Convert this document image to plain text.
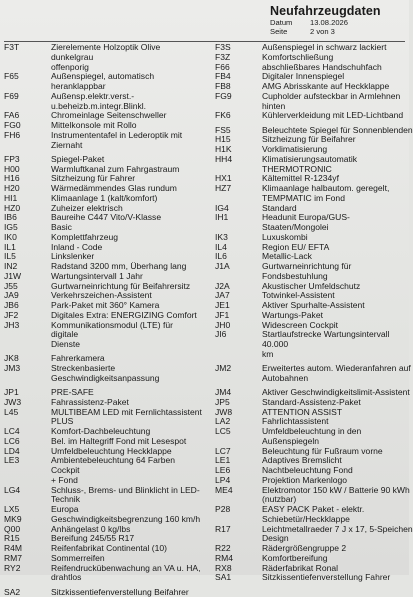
Neufahrzeugdaten
Datum	13.08.2026
Seite	2 von 3
F3T	Zierelemente Holzoptik Olive dunkelgrau
offenporig
F65	Außenspiegel, automatisch heranklappbar
F69	Außensp.elektr.verst.-
u.beheizb.m.integr.Blinkl.
FA6	Chromeinlage Seitenschweller
FG0	Mittelkonsole mit Rollo
FH6	Instrumententafel in Lederoptik mit
Ziernaht
FP3	Spiegel-Paket
H00	Warmluftkanal zum Fahrgastraum
H16	Sitzheizung für Fahrer
H20	Wärmedämmendes Glas rundum
HI1	Klimaanlage 1 (kalt/komfort)
HZ0	Zuheizer elektrisch
IB6	Baureihe C447 Vito/V-Klasse
IG5	Basic
IK0	Komplettfahrzeug
IL1	Inland - Code
IL5	Linkslenker
IN2	Radstand 3200 mm, Überhang lang
J1W	Wartungsintervall 1 Jahr
J55	Gurtwarneinrichtung für Beifahrersitz
JA9	Verkehrszeichen-Assistent
JB6	Park-Paket mit 360° Kamera
JF2	Digitales Extra: ENERGIZING Comfort
JH3	Kommunikationsmodul (LTE) für digitale
Dienste
JK8	Fahrerkamera
JM3	Streckenbasierte
Geschwindigkeitsanpassung
JP1	PRE-SAFE
JW3	Fahrassistenz-Paket
L45	MULTIBEAM LED mit Fernlichtassistent
PLUS
LC4	Komfort-Dachbeleuchtung
LC6	Bel. im Haltegriff Fond mit Lesespot
LD4	Umfeldbeleuchtung Heckklappe
LE3	Ambientebeleuchtung 64 Farben Cockpit
+ Fond
LG4	Schluss-, Brems- und Blinklicht in LED-
Technik
LX5	Europa
MK9	Geschwindigkeitsbegrenzung 160 km/h
Q00	Anhängelast 0 kg/lbs
R15	Bereifung 245/55 R17
R4M	Reifenfabrikat Continental (10)
RM7	Sommerreifen
RY2	Reifendruckübenwachung an VA u. HA,
drahtlos
SA2	Sitzkissentiefenverstellung Beifahrer
F3S	Außenspiegel in schwarz lackiert
F3Z	Komfortschließung
F66	abschließbares Handschuhfach
FB4	Digitaler Innenspiegel
FB8	AMG Abrisskante auf Heckklappe
FG9	Cupholder aufsteckbar in Armlehnen
hinten
FK6	Kühlerverkleidung mit LED-Lichtband
FS5	Beleuchtete Spiegel für Sonnenblenden
H15	Sitzheizung für Beifahrer
H1K	Vorklimatisierung
HH4	Klimatisierungsautomatik THERMOTRONIC
HX1	Kältemittel R-1234yf
HZ7	Klimaanlage halbautom. geregelt,
TEMPMATIC im Fond
IG4	Standard
IH1	Headunit Europa/GUS-Staaten/Mongolei
IK3	Luxuskombi
IL4	Region EU/ EFTA
IL6	Metallic-Lack
J1A	Gurtwarneinrichtung für Fondsbestuhlung
J2A	Akustischer Umfeldschutz
JA7	Totwinkel-Assistent
JE1	Aktiver Spurhalte-Assistent
JF1	Wartungs-Paket
JH0	Widescreen Cockpit
JI6	Startlaufstrecke Wartungsintervall 40.000
km
JM2	Erweitertes autom. Wiederanfahren auf
Autobahnen
JM4	Aktiver Geschwindigkeitslimit-Assistent
JP5	Standard-Assistenz-Paket
JW8	ATTENTION ASSIST
LA2	Fahrlichtassistent
LC5	Umfeldbeleuchtung in den Außenspiegeln
LC7	Beleuchtung für Fußraum vorne
LE1	Adaptives Bremslicht
LE6	Nachtbeleuchtung Fond
LP4	Projektion Markenlogo
ME4	Elektromotor 150 kW / Batterie 90 kWh
(nutzbar)
P28	EASY PACK Paket - elektr.
Schiebetür/Heckklappe
R17	Leichtmetallraeder 7 J x 17, 5-Speichen
Design
R22	Rädergrößengruppe 2
RM4	Komfortbereifung
RX8	Räderfabrikat Ronal
SA1	Sitzkissentiefenverstellung Fahrer
